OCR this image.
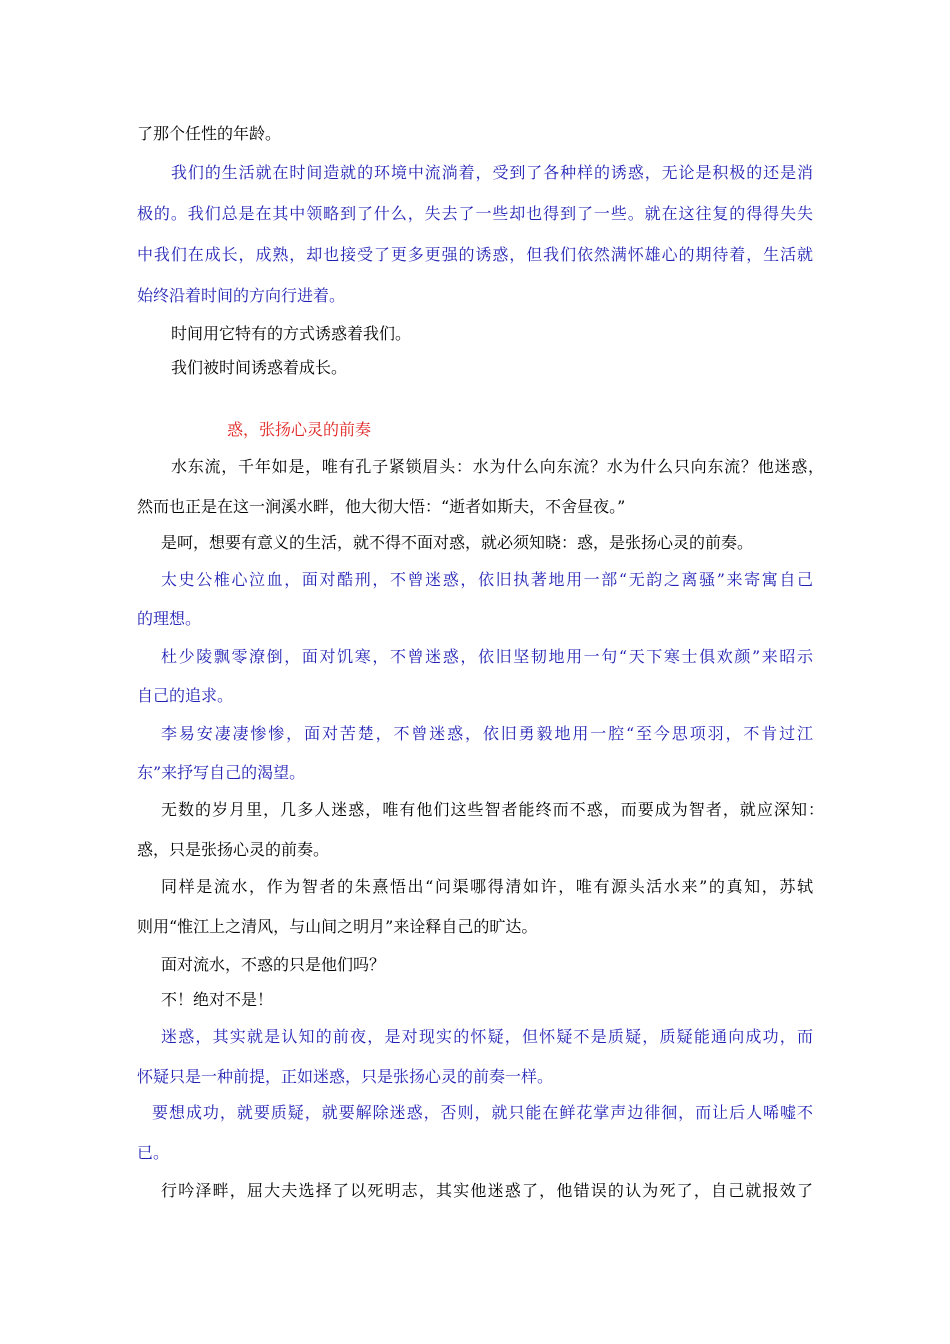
了那个任性的年龄。
我们的生活就在时间造就的环境中流淌着，受到了各种样的诱惑，无论是积极的还是消
极的。我们总是在其中领略到了什么，失去了一些却也得到了一些。就在这往复的得得失失
中我们在成长，成熟，却也接受了更多更强的诱惑，但我们依然满怀雄心的期待着，生活就
始终沿着时间的方向行进着。
时间用它特有的方式诱惑着我们。
我们被时间诱惑着成长。
惑，张扬心灵的前奏
水东流，千年如是，唯有孔子紧锁眉头：水为什么向东流？水为什么只向东流？他迷惑，
然而也正是在这一涧溪水畔，他大彻大悟：“逝者如斯夫，不舍昼夜。”
是呵，想要有意义的生活，就不得不面对惑，就必须知晓：惑，是张扬心灵的前奏。
太史公椎心泣血，面对酷刑，不曾迷惑，依旧执著地用一部“无韵之离骚”来寄寓自己
的理想。
杜少陵飘零潦倒，面对饥寒，不曾迷惑，依旧坚韧地用一句“天下寒士俱欢颜”来昭示
自己的追求。
李易安凄凄惨惨，面对苦楚，不曾迷惑，依旧勇毅地用一腔“至今思项羽，不肯过江
东”来抒写自己的渴望。
无数的岁月里，几多人迷惑，唯有他们这些智者能终而不惑，而要成为智者，就应深知：
惑，只是张扬心灵的前奏。
同样是流水，作为智者的朱熹悟出“问渠哪得清如许，唯有源头活水来”的真知，苏轼
则用“惟江上之清风，与山间之明月”来诠释自己的旷达。
面对流水，不惑的只是他们吗？
不！绝对不是！
迷惑，其实就是认知的前夜，是对现实的怀疑，但怀疑不是质疑，质疑能通向成功，而
怀疑只是一种前提，正如迷惑，只是张扬心灵的前奏一样。
要想成功，就要质疑，就要解除迷惑，否则，就只能在鲜花掌声边徘徊，而让后人唏嘘不
已。
行吟泽畔，屈大夫选择了以死明志，其实他迷惑了，他错误的认为死了，自己就报效了
